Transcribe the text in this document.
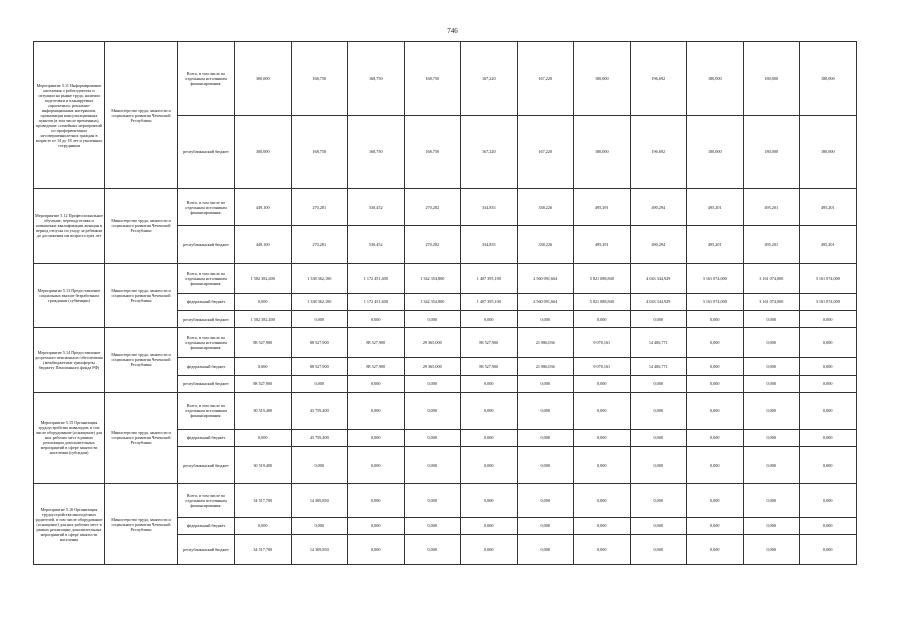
746
Мероприятие 5.11 Информирование населения о работодателях и ситуации на рынке труда, наличии подготовки и планируемых «проектных» рекламно-информационных материалов, организации консультационных пунктов (в том числе временных), проведение «семейных мероприятий по профориентации несовершеннолетних граждан в возрасте от 14 до 18 лет и уволенных сотрудников	Министерство труда, занятости и социального развития Чеченской Республики	Всего, в том числе по отдельным источникам финансирования:	300,000	168,750	168,750	168,750	167,220	167,220	180,000	196,692	180,000	180,000	180,000
		республиканский бюджет	300,000	168,750	168,750	168,750	167,220	167,220	180,000	196,692	180,000	180,000	180,000
Мероприятие 5.12 Профессиональное обучение, переподготовка и повышение квалификации женщин в период отпуска по уходу за ребенком до достижения им возраста трех лет	Министерство труда, занятости и социального развития Чеченской Республики	Всего, в том числе по отдельным источникам финансирования:	449,100	270,281	530,452	270,282	334,835	338,226	495,291	490,294	495,201	495,201	495,201
		республиканский бюджет	449,100	270,281	530,452	270,282	334,835	338,226	495,291	490,294	495,201	495,201	495,201
Мероприятие 5.13 Предоставление социальных выплат безработным гражданам (субвенции)	Министерство труда, занятости и социального развития Чеченской Республики	Всего, в том числе по отдельным источникам финансирования:	1 582 382,400	1 338 362,100	1 172 451,400	1 342 354,800	1 407 395,100	2 560 091,664	5 821 088,840	4 043 344,929	3 161 074,000	3 161 074,000	3 161 074,000
		федеральный бюджет	0,000	1 338 362,100	1 172 451,400	1 342 354,800	1 407 395,100	2 560 091,664	5 821 088,840	4 043 344,929	3 161 074,000	3 161 074,000	3 161 074,000
		республиканский бюджет	1 582 382,400	0,000	0,000	0,000	0,000	0,000	0,000	0,000	0,000	0,000	0,000
Мероприятие 5.14 Предоставление досрочного пенсионного обеспечения (межбюджетные трансферты бюджету Пенсионного фонда РФ)	Министерство труда, занятости и социального развития Чеченской Республики	Всего, в том числе по отдельным источникам финансирования:	88 527,900	88 527,900	88 527,900	29 365,000	88 527,900	21 086,036	9 070,161	14 406,771	0,000	0,000	0,000
		федеральный бюджет	0,000	88 527,900	88 527,900	29 365,000	88 527,900	21 086,036	9 070,161	14 406,771	0,000	0,000	0,000
		республиканский бюджет	88 527,900	0,000	0,000	0,000	0,000	0,000	0,000	0,000	0,000	0,000	0,000
Мероприятие 5.15 Организация трудоустройства инвалидов, в том числе оборудование (оснащение) для них рабочих мест в рамках реализации дополнительных мероприятий в сфере занятости населения (субсидии)	Министерство труда, занятости и социального развития Чеченской Республики	Всего, в том числе по отдельным источникам финансирования:	30 519,400	43 759,400	0,000	0,000	0,000	0,000	0,000	0,000	0,000	0,000	0,000
		федеральный бюджет	0,000	43 759,400	0,000	0,000	0,000	0,000	0,000	0,000	0,000	0,000	0,000
		республиканский бюджет	30 519,400	0,000	0,000	0,000	0,000	0,000	0,000	0,000	0,000	0,000	0,000
Мероприятие 5.16 Организация трудоустройства многодетных родителей, в том числе оборудование (оснащение) для них рабочих мест в рамках реализации дополнительных мероприятий в сфере занятости населения	Министерство труда, занятости и социального развития Чеченской Республики	Всего, в том числе по отдельным источникам финансирования:	34 517,700	14 369,850	0,000	0,000	0,000	0,000	0,000	0,000	0,000	0,000	0,000
		федеральный бюджет	0,000	0,000	0,000	0,000	0,000	0,000	0,000	0,000	0,000	0,000	0,000
		республиканский бюджет	34 517,700	14 369,850	0,000	0,000	0,000	0,000	0,000	0,000	0,000	0,000	0,000
